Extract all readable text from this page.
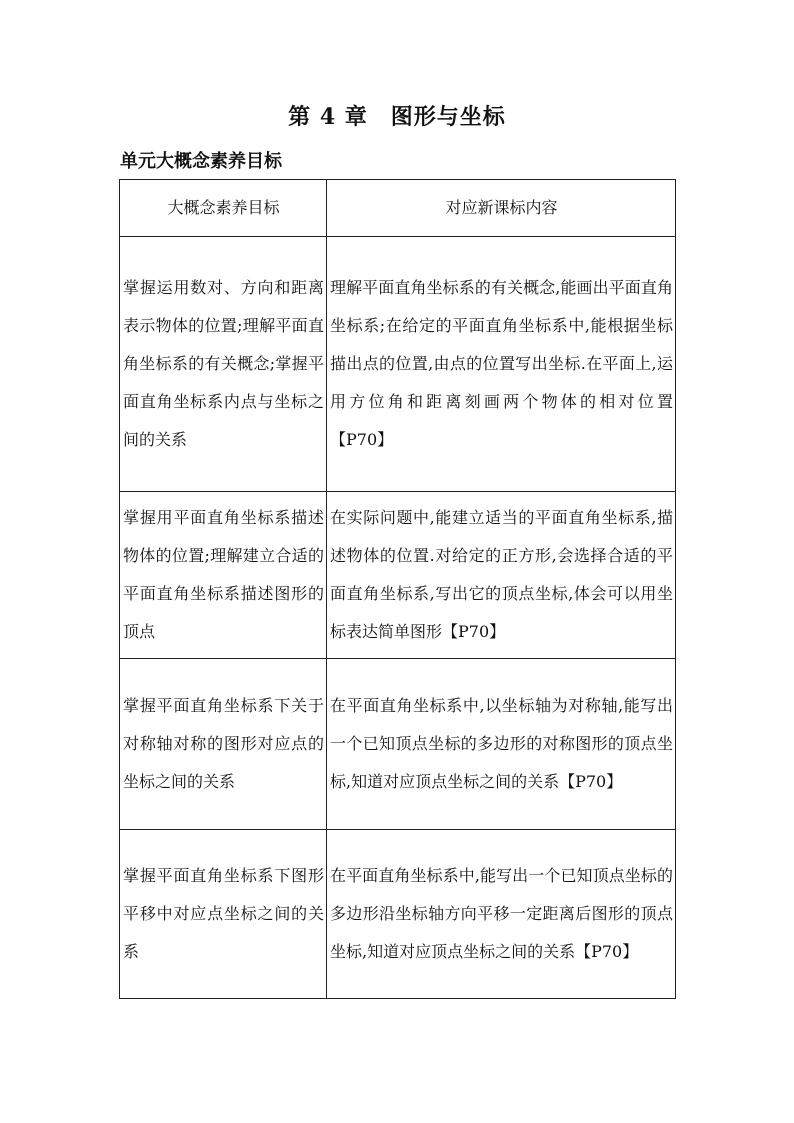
第 4 章　图形与坐标
单元大概念素养目标
大概念素养目标	对应新课标内容
掌握运用数对、方向和距离表示物体的位置;理解平面直角坐标系的有关概念;掌握平面直角坐标系内点与坐标之间的关系	理解平面直角坐标系的有关概念,能画出平面直角坐标系;在给定的平面直角坐标系中,能根据坐标描出点的位置,由点的位置写出坐标.在平面上,运用方位角和距离刻画两个物体的相对位置【P70】
掌握用平面直角坐标系描述物体的位置;理解建立合适的平面直角坐标系描述图形的顶点	在实际问题中,能建立适当的平面直角坐标系,描述物体的位置.对给定的正方形,会选择合适的平面直角坐标系,写出它的顶点坐标,体会可以用坐标表达简单图形【P70】
掌握平面直角坐标系下关于对称轴对称的图形对应点的坐标之间的关系	在平面直角坐标系中,以坐标轴为对称轴,能写出一个已知顶点坐标的多边形的对称图形的顶点坐标,知道对应顶点坐标之间的关系【P70】
掌握平面直角坐标系下图形平移中对应点坐标之间的关系	在平面直角坐标系中,能写出一个已知顶点坐标的多边形沿坐标轴方向平移一定距离后图形的顶点坐标,知道对应顶点坐标之间的关系【P70】
